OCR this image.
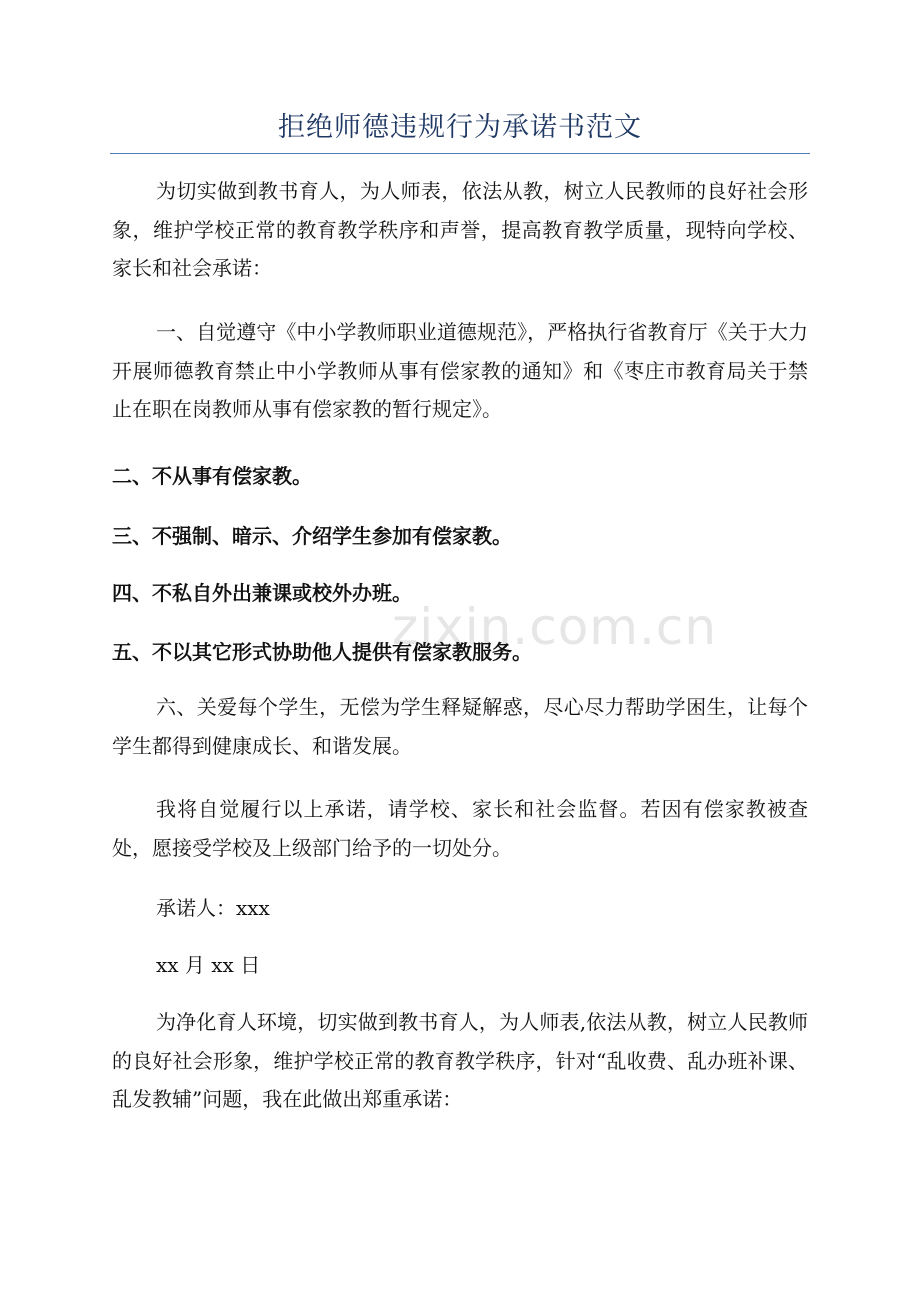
zixin.com.cn
拒绝师德违规行为承诺书范文

为切实做到教书育人，为人师表，依法从教，树立人民教师的良好社会形象，维护学校正常的教育教学秩序和声誉，提高教育教学质量，现特向学校、家长和社会承诺：

一、自觉遵守《中小学教师职业道德规范》，严格执行省教育厅《关于大力开展师德教育禁止中小学教师从事有偿家教的通知》和《枣庄市教育局关于禁止在职在岗教师从事有偿家教的暂行规定》。

二、不从事有偿家教。

三、不强制、暗示、介绍学生参加有偿家教。

四、不私自外出兼课或校外办班。

五、不以其它形式协助他人提供有偿家教服务。

六、关爱每个学生，无偿为学生释疑解惑，尽心尽力帮助学困生，让每个学生都得到健康成长、和谐发展。

我将自觉履行以上承诺，请学校、家长和社会监督。若因有偿家教被查处，愿接受学校及上级部门给予的一切处分。

承诺人：xxx

xx 月 xx 日

为净化育人环境，切实做到教书育人，为人师表,依法从教，树立人民教师的良好社会形象，维护学校正常的教育教学秩序，针对“乱收费、乱办班补课、乱发教辅”问题，我在此做出郑重承诺：
